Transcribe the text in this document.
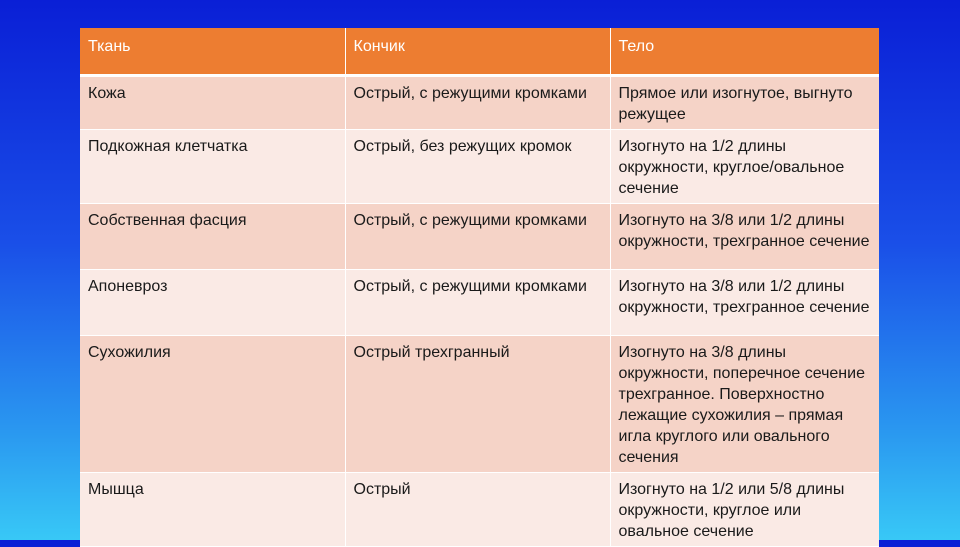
Ткань	Кончик	Тело
Кожа	Острый, с режущими кромками	Прямое или изогнутое, выгнуто режущее
Подкожная клетчатка	Острый, без режущих кромок	Изогнуто на 1/2 длины окружности, круглое/овальное сечение
Собственная фасция	Острый, с режущими кромками	Изогнуто на 3/8 или 1/2 длины окружности, трехгранное сечение
Апоневроз	Острый, с режущими кромками	Изогнуто на 3/8 или 1/2 длины окружности, трехгранное сечение
Сухожилия	Острый трехгранный	Изогнуто на 3/8 длины окружности, поперечное сечение трехгранное. Поверхностно лежащие сухожилия – прямая игла круглого или овального сечения
Мышца	Острый	Изогнуто на 1/2 или 5/8 длины окружности, круглое или овальное сечение
